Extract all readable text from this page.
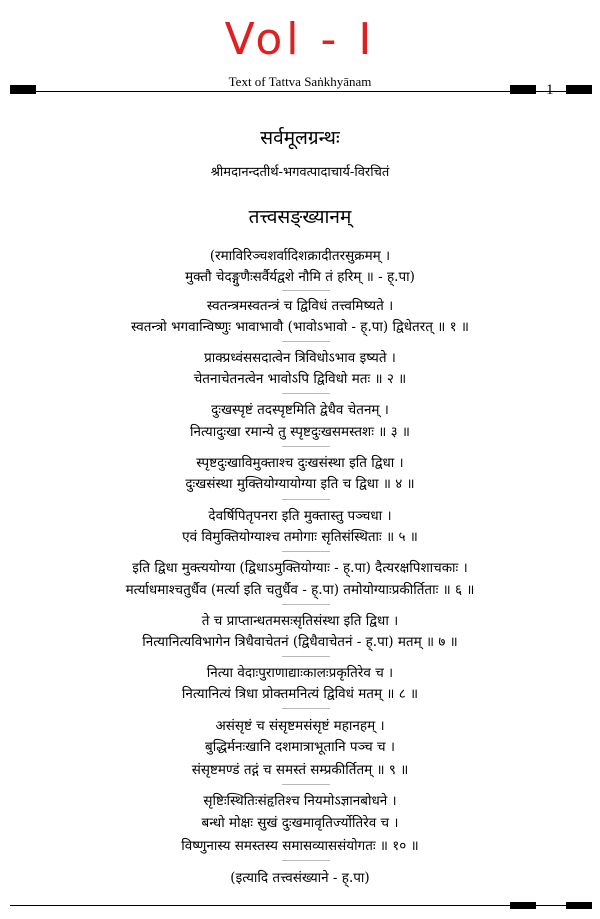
Vol - I
Text of Tattva Saṅkhyānam
1
सर्वमूलग्रन्थः
श्रीमदानन्दतीर्थ-भगवत्पादाचार्य-विरचितं
तत्त्वसङ्ख्यानम्
(रमाविरिञ्चशर्वादिशक्रादीतरसुक्रमम् ।
मुक्तौ चेदङ्गुणैःसर्वैर्यद्वशे नौमि तं हरिम् ॥ - ह्.पा)
स्वतन्त्रमस्वतन्त्रं च द्विविधं तत्त्वमिष्यते ।
स्वतन्त्रो भगवान्विष्णुः भावाभावौ (भावोऽभावो - ह्.पा) द्विधेतरत् ॥ १ ॥
प्राक्प्रध्वंससदात्वेन त्रिविधोऽभाव इष्यते ।
चेतनाचेतनत्वेन भावोऽपि द्विविधो मतः ॥ २ ॥
दुःखस्पृष्टं तदस्पृष्टमिति द्वेधैव चेतनम् ।
नित्यादुःखा रमान्ये तु स्पृष्टदुःखसमस्तशः ॥ ३ ॥
स्पृष्टदुःखाविमुक्ताश्च दुःखसंस्था इति द्विधा ।
दुःखसंस्था मुक्तियोग्यायोग्या इति च द्विधा ॥ ४ ॥
देवर्षिपितृपनरा इति मुक्तास्तु पञ्चधा ।
एवं विमुक्तियोग्याश्च तमोगाः सृतिसंस्थिताः ॥ ५ ॥
इति द्विधा मुक्त्ययोग्या (द्विधाऽमुक्तियोग्याः - ह्.पा) दैत्यरक्षपिशाचकाः ।
मर्त्याधमाश्चतुर्धैव (मर्त्या इति चतुर्धैव - ह्.पा) तमोयोग्याःप्रकीर्तिताः ॥ ६ ॥
ते च प्राप्तान्धतमसःसृतिसंस्था इति द्विधा ।
नित्यानित्यविभागेन त्रिधैवाचेतनं (द्विधैवाचेतनं - ह्.पा) मतम् ॥ ७ ॥
नित्या वेदाःपुराणाद्याःकालःप्रकृतिरेव च ।
नित्यानित्यं त्रिधा प्रोक्तमनित्यं द्विविधं मतम् ॥ ८ ॥
असंसृष्टं च संसृष्टमसंसृष्टं महानहम् ।
बुद्धिर्मनःखानि दशमात्राभूतानि पञ्च च ।
संसृष्टमण्डं तद्गं च समस्तं सम्प्रकीर्तितम् ॥ ९ ॥
सृष्टिःस्थितिःसंहृतिश्च नियमोऽज्ञानबोधने ।
बन्धो मोक्षः सुखं दुःखमावृतिर्ज्योतिरेव च ।
विष्णुनास्य समस्तस्य समासव्याससंयोगतः ॥ १० ॥
(इत्यादि तत्त्वसंख्याने - ह्.पा)
